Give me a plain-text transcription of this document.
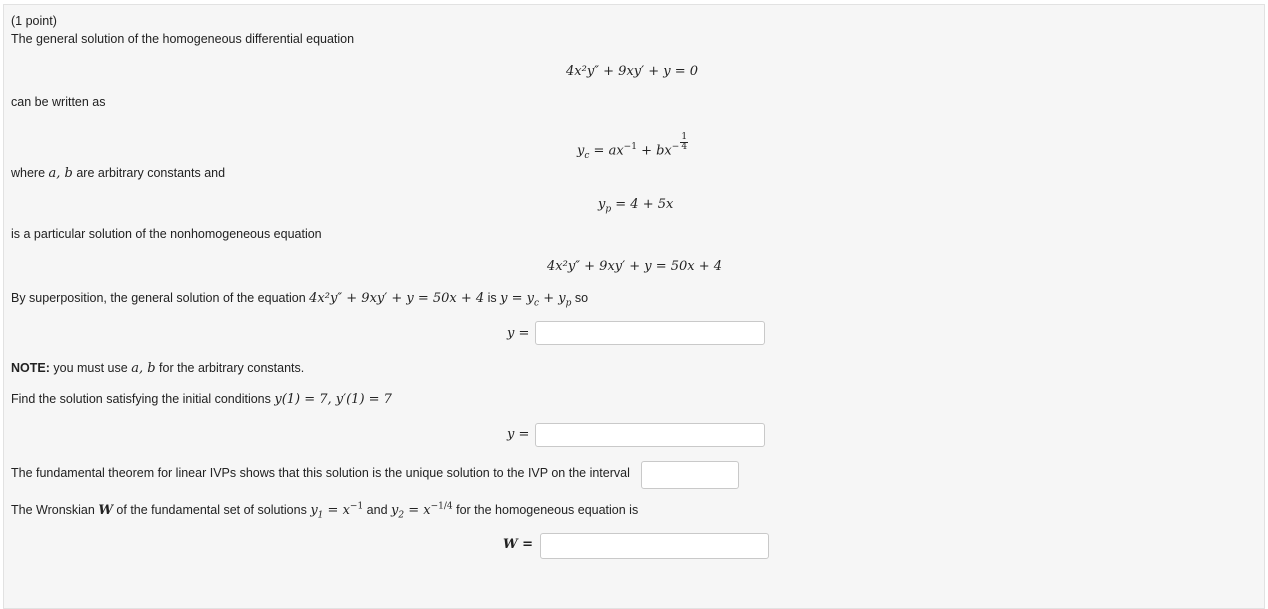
(1 point)
The general solution of the homogeneous differential equation
4x²y″ + 9xy′ + y = 0
can be written as
$y_c = ax^{-1} + bx^- \frac{1}{4}$
where a, b are arbitrary constants and
$y_p = 4 + 5x$
is a particular solution of the nonhomogeneous equation
4x²y″ + 9xy′ + y = 50x + 4
By superposition, the general solution of the equation 4x²y″ + 9xy′ + y = 50x + 4 is $y = y_c + y_p$ so
y =
NOTE: you must use a, b for the arbitrary constants.
Find the solution satisfying the initial conditions y(1) = 7, y′(1) = 7
y =
The fundamental theorem for linear IVPs shows that this solution is the unique solution to the IVP on the interval
The Wronskian W of the fundamental set of solutions $y_1 = x^{-1}$ and $y_2 = x^{-1/4}$ for the homogeneous equation is
W =
